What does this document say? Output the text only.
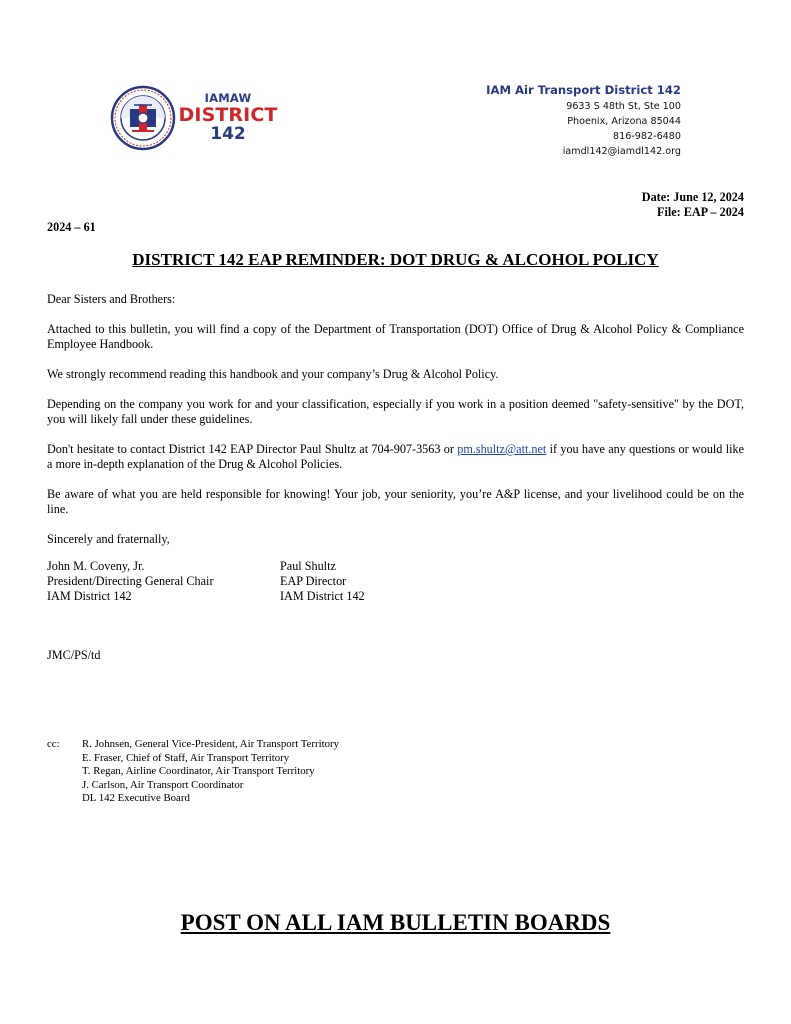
IAMAW
DISTRICT
142
IAM Air Transport District 142
9633 S 48th St, Ste 100
Phoenix, Arizona 85044
816-982-6480
iamdl142@iamdl142.org
Date: June 12, 2024
File: EAP – 2024
2024 – 61
DISTRICT 142 EAP REMINDER: DOT DRUG & ALCOHOL POLICY

Dear Sisters and Brothers:

Attached to this bulletin, you will find a copy of the Department of Transportation (DOT) Office of Drug & Alcohol Policy & Compliance Employee Handbook.

We strongly recommend reading this handbook and your company’s Drug & Alcohol Policy.

Depending on the company you work for and your classification, especially if you work in a position deemed "safety-sensitive" by the DOT, you will likely fall under these guidelines.

Don't hesitate to contact District 142 EAP Director Paul Shultz at 704-907-3563 or pm.shultz@att.net if you have any questions or would like a more in-depth explanation of the Drug & Alcohol Policies.

Be aware of what you are held responsible for knowing! Your job, your seniority, you’re A&P license, and your livelihood could be on the line.

Sincerely and fraternally,

John M. Coveny, Jr.
President/Directing General Chair
IAM District 142
Paul Shultz
EAP Director
IAM District 142
JMC/PS/td
cc: R. Johnsen, General Vice-President, Air Transport Territory
E. Fraser, Chief of Staff, Air Transport Territory
T. Regan, Airline Coordinator, Air Transport Territory
J. Carlson, Air Transport Coordinator
DL 142 Executive Board
POST ON ALL IAM BULLETIN BOARDS
